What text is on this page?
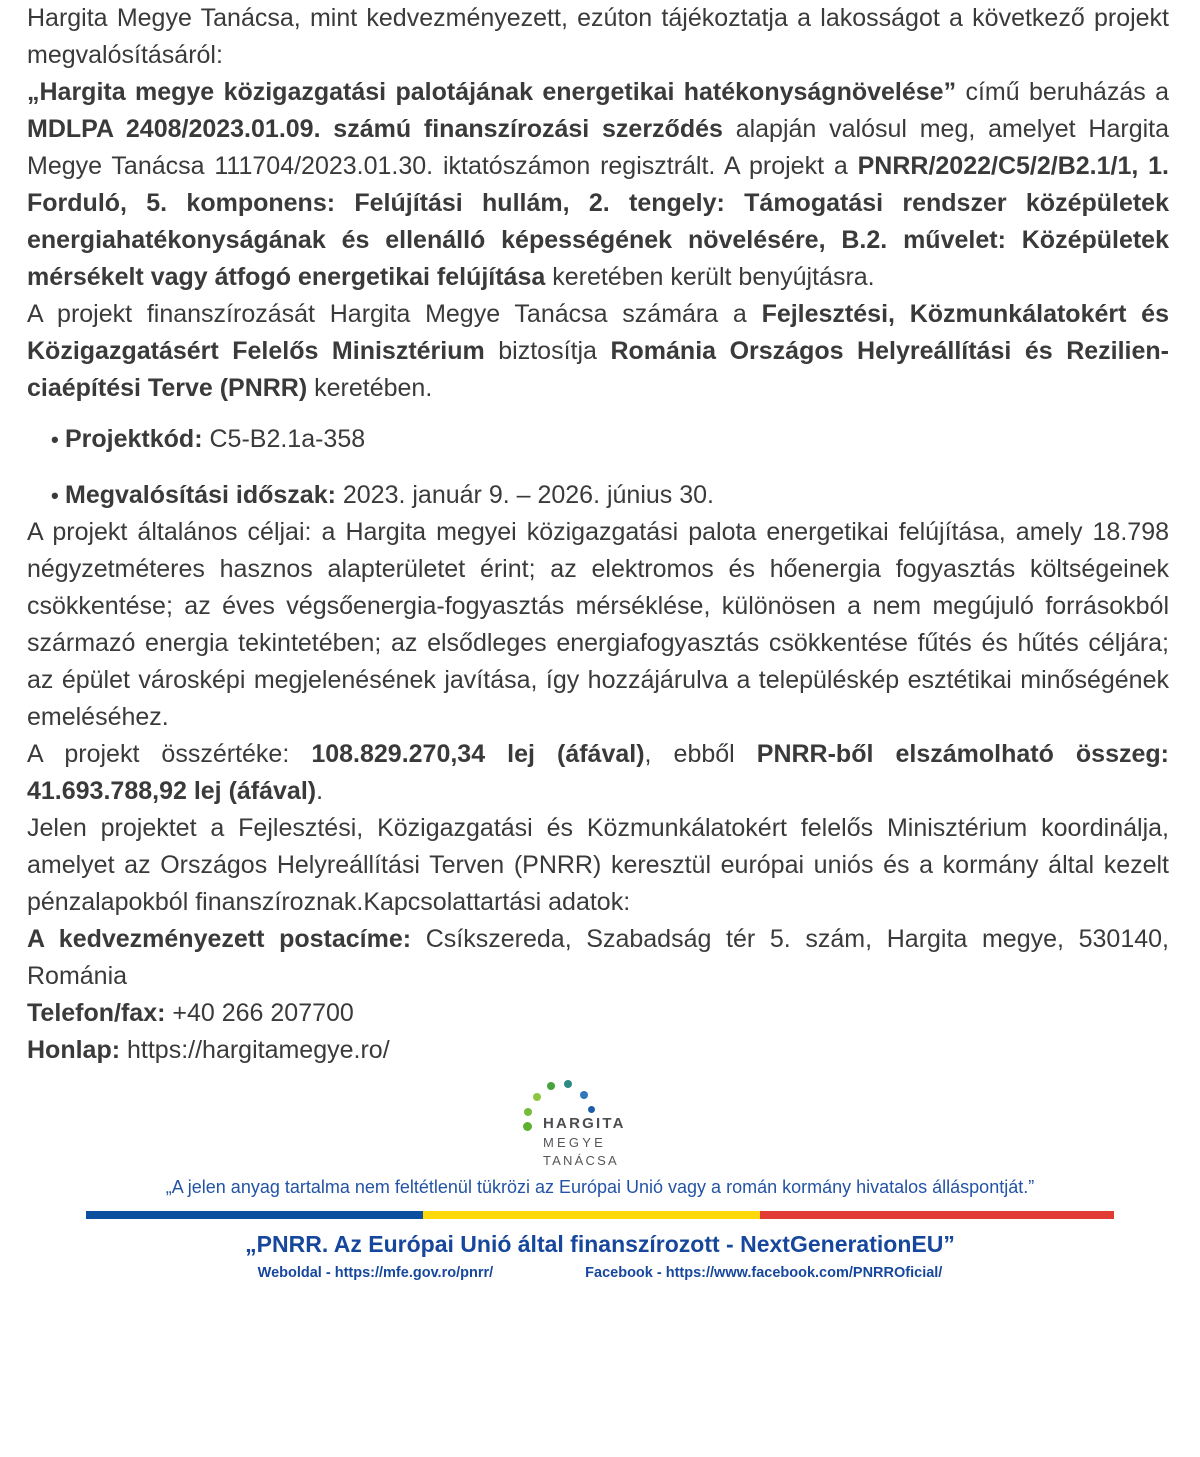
Hargita Megye Tanácsa, mint kedvezményezett, ezúton tájékoztatja a lakosságot a következő projekt megvalósításáról:

„Hargita megye közigazgatási palotájának energetikai hatékonyságnövelése” című beruházás a MDLPA 2408/2023.01.09. számú finanszírozási szerződés alapján valósul meg, amelyet Hargita Megye Tanácsa 111704/2023.01.30. iktatószámon regisztrált. A projekt a PNRR/2022/C5/2/B2.1/1, 1. Forduló, 5. komponens: Felújítási hullám, 2. tengely: Támogatási rendszer középületek energiahatékonyságának és ellenálló képességének növelésére, B.2. művelet: Középületek mérsékelt vagy átfogó energetikai felújítása keretében került benyújtásra.

A projekt finanszírozását Hargita Megye Tanácsa számára a Fejlesztési, Közmunkálatokért és Közigazgatásért Felelős Minisztérium biztosítja Románia Országos Helyreállítási és Rezilienciaépítési Terve (PNRR) keretében.

• Projektkód: C5-B2.1a-358
• Megvalósítási időszak: 2023. január 9. – 2026. június 30.

A projekt általános céljai: a Hargita megyei közigazgatási palota energetikai felújítása, amely 18.798 négyzetméteres hasznos alapterületet érint; az elektromos és hőenergia fogyasztás költségeinek csökkentése; az éves végsőenergia-fogyasztás mérséklése, különösen a nem megújuló forrásokból származó energia tekintetében; az elsődleges energiafogyasztás csökkentése fűtés és hűtés céljára; az épület városképi megjelenésének javítása, így hozzájárulva a településkép esztétikai minőségének emeléséhez.

A projekt összértéke: 108.829.270,34 lej (áfával), ebből PNRR-ből elszámolható összeg: 41.693.788,92 lej (áfával).

Jelen projektet a Fejlesztési, Közigazgatási és Közmunkálatokért felelős Minisztérium koordinálja, amelyet az Országos Helyreállítási Terven (PNRR) keresztül európai uniós és a kormány által kezelt pénzalapokból finanszíroznak.Kapcsolattartási adatok:

A kedvezményezett postacíme: Csíkszereda, Szabadság tér 5. szám, Hargita megye, 530140, Románia

Telefon/fax: +40 266 207700

Honlap: https://hargitamegye.ro/

HARGITA
MEGYE
TANÁCSA
„A jelen anyag tartalma nem feltétlenül tükrözi az Európai Unió vagy a román kormány hivatalos álláspontját.”
„PNRR. Az Európai Unió által finanszírozott - NextGenerationEU”
Weboldal - https://mfe.gov.ro/pnrr/	Facebook - https://www.facebook.com/PNRROficial/
